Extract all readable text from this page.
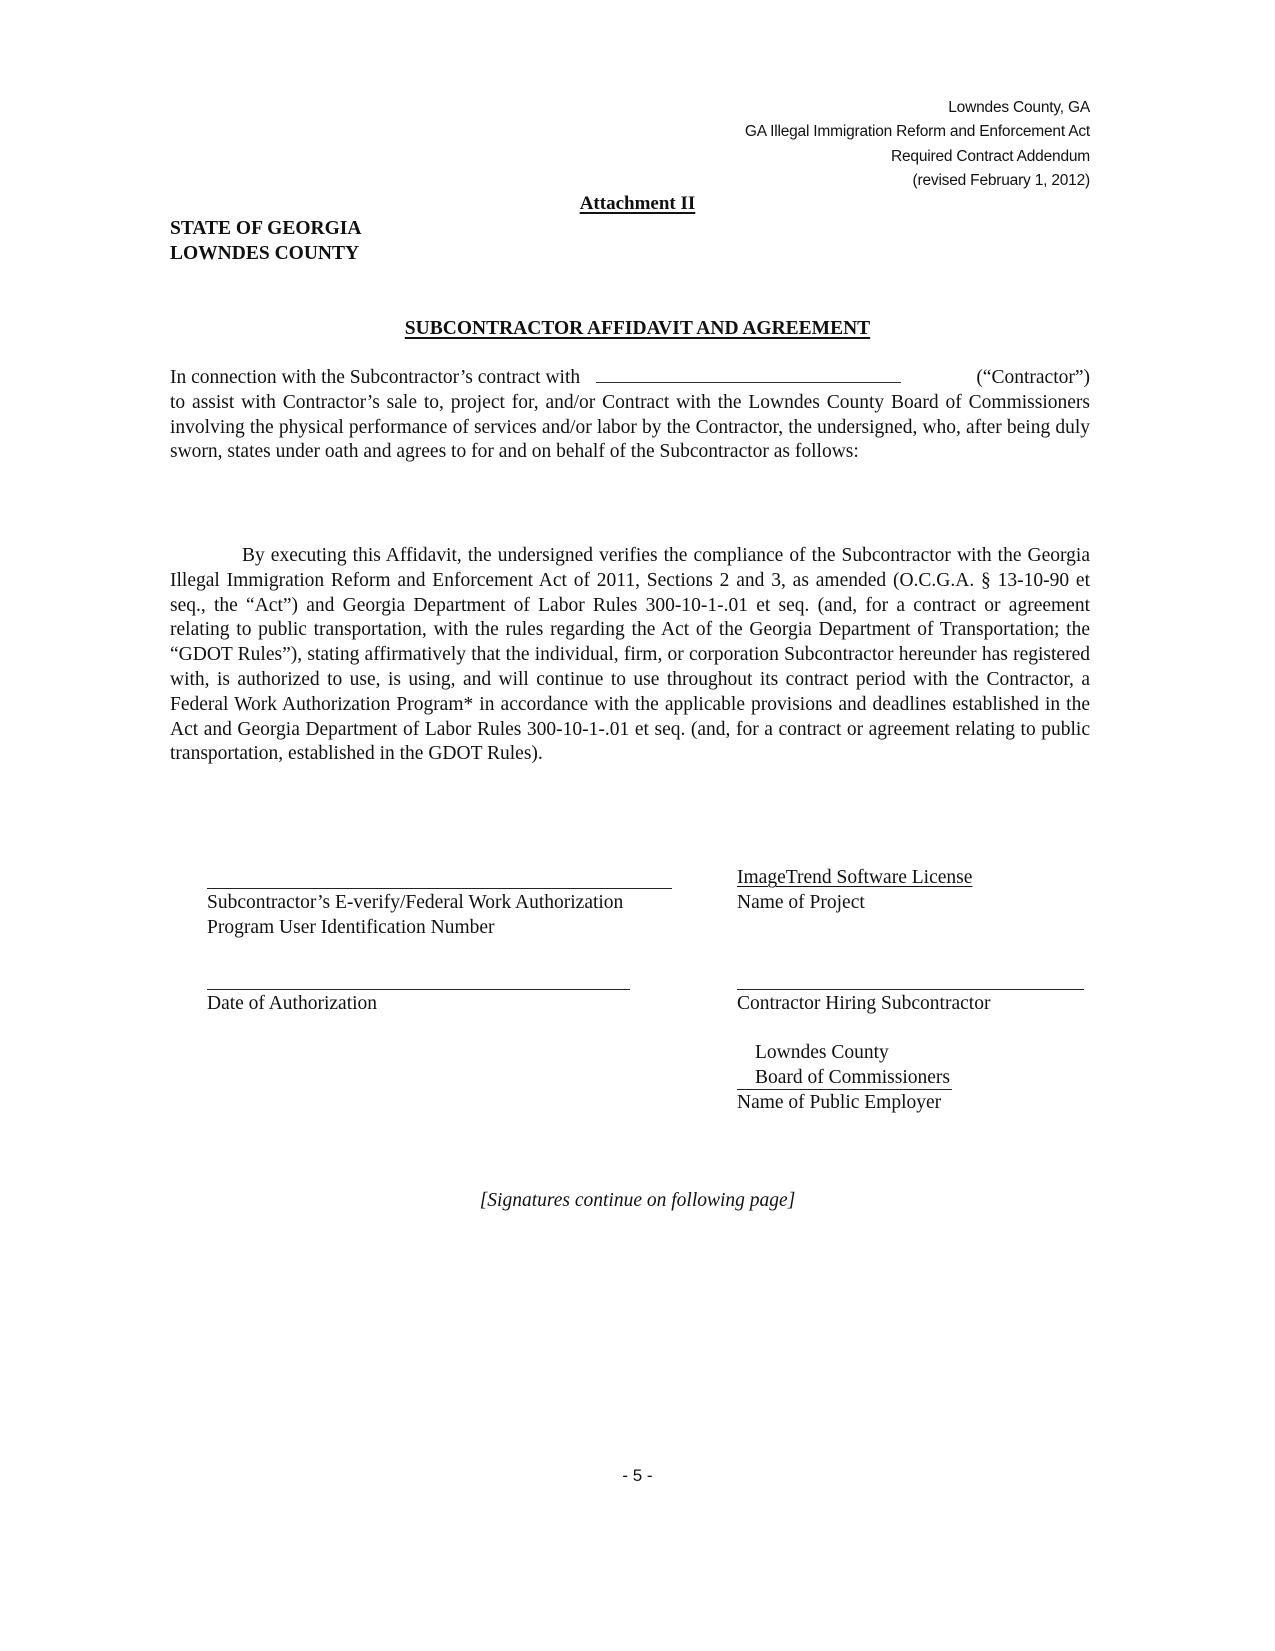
Lowndes County, GA
GA Illegal Immigration Reform and Enforcement Act
Required Contract Addendum
(revised February 1, 2012)
Attachment II
STATE OF GEORGIA
LOWNDES COUNTY
SUBCONTRACTOR AFFIDAVIT AND AGREEMENT
In connection with the Subcontractor’s contract with	(“Contractor”)
to assist with Contractor’s sale to, project for, and/or Contract with the Lowndes County Board of Commissioners involving the physical performance of services and/or labor by the Contractor, the undersigned, who, after being duly sworn, states under oath and agrees to for and on behalf of the Subcontractor as follows:
By executing this Affidavit, the undersigned verifies the compliance of the Subcontractor with the Georgia Illegal Immigration Reform and Enforcement Act of 2011, Sections 2 and 3, as amended (O.C.G.A. § 13-10-90 et seq., the “Act”) and Georgia Department of Labor Rules 300-10-1-.01 et seq. (and, for a contract or agreement relating to public transportation, with the rules regarding the Act of the Georgia Department of Transportation; the “GDOT Rules”), stating affirmatively that the individual, firm, or corporation Subcontractor hereunder has registered with, is authorized to use, is using, and will continue to use throughout its contract period with the Contractor, a Federal Work Authorization Program* in accordance with the applicable provisions and deadlines established in the Act and Georgia Department of Labor Rules 300-10-1-.01 et seq. (and, for a contract or agreement relating to public transportation, established in the GDOT Rules).
Subcontractor’s E-verify/Federal Work Authorization
Program User Identification Number
ImageTrend Software License
Name of Project
Date of Authorization	Contractor Hiring Subcontractor
Lowndes County
Board of Commissioners
Name of Public Employer
[Signatures continue on following page]
- 5 -
